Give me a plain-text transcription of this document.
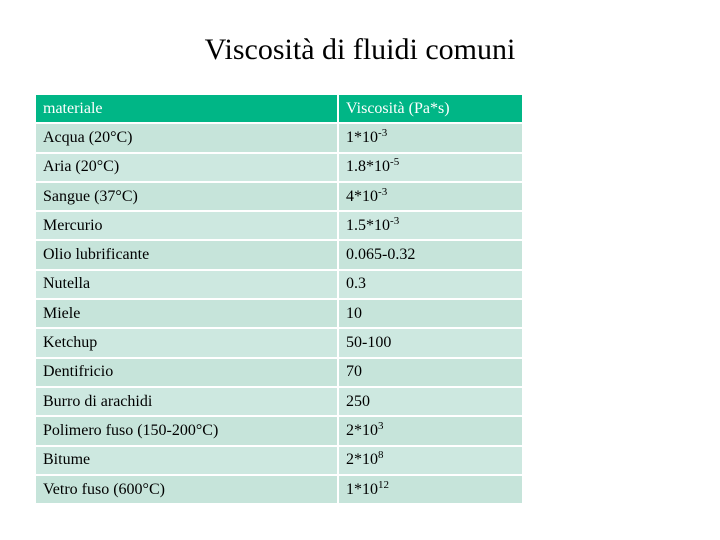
Viscosità di fluidi comuni
materiale	Viscosità (Pa*s)
Acqua (20°C)	$1*10^{-3}$
Aria (20°C)	$1.8*10^{-5}$
Sangue (37°C)	$4*10^{-3}$
Mercurio	$1.5*10^{-3}$
Olio lubrificante	0.065-0.32
Nutella	0.3
Miele	10
Ketchup	50-100
Dentifricio	70
Burro di arachidi	250
Polimero fuso (150-200°C)	$2*10^3$
Bitume	$2*10^8$
Vetro fuso (600°C)	$1*10^{12}$
